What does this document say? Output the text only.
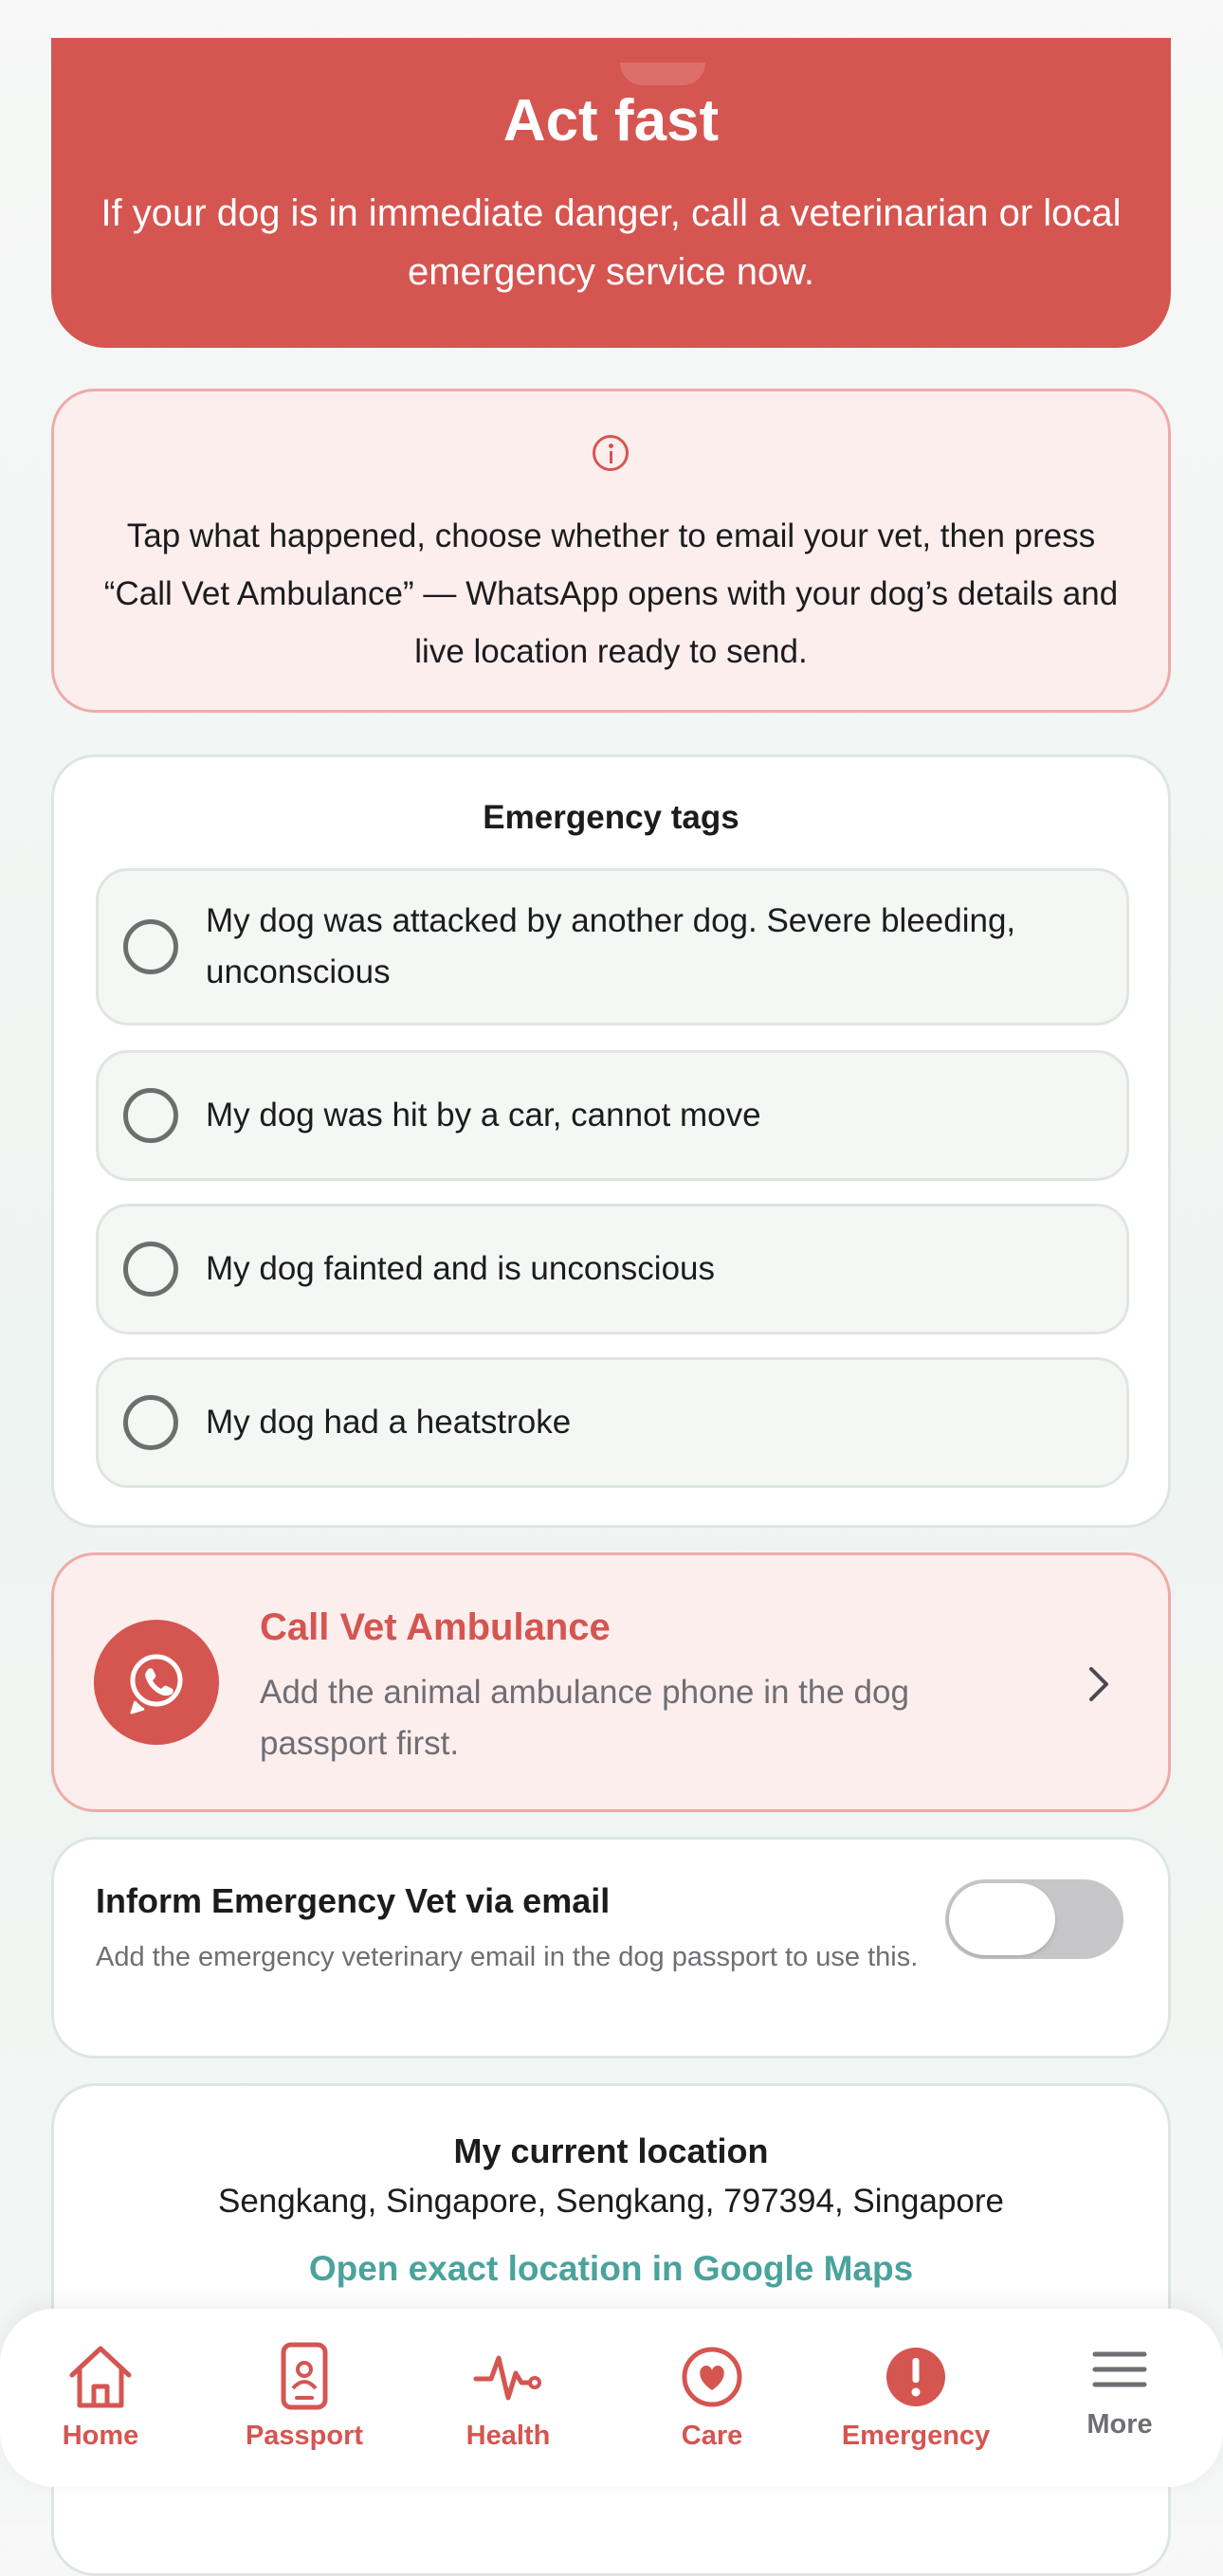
Act fast
If your dog is in immediate danger, call a veterinarian or local emergency service now.
Tap what happened, choose whether to email your vet, then press “Call Vet Ambulance” — WhatsApp opens with your dog’s details and live location ready to send.
Emergency tags
My dog was attacked by another dog. Severe bleeding, unconscious
My dog was hit by a car, cannot move
My dog fainted and is unconscious
My dog had a heatstroke
Call Vet Ambulance
Add the animal ambulance phone in the dog passport first.
Inform Emergency Vet via email
Add the emergency veterinary email in the dog passport to use this.
My current location
Sengkang, Singapore, Sengkang, 797394, Singapore
Open exact location in Google Maps
Home	Passport	Health	Care	Emergency	More
